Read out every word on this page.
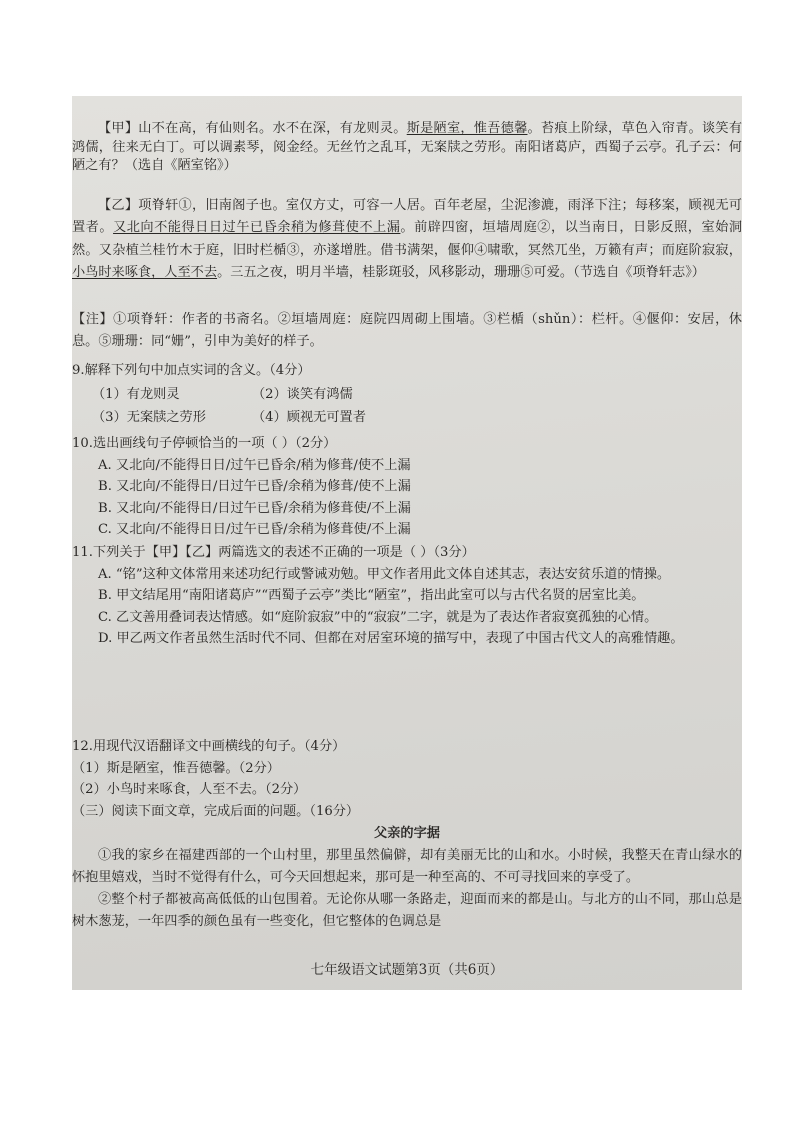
【甲】山不在高，有仙则名。水不在深，有龙则灵。斯是陋室，惟吾德馨。苔痕上阶绿，草色入帘青。谈笑有鸿儒，往来无白丁。可以调素琴，阅金经。无丝竹之乱耳，无案牍之劳形。南阳诸葛庐，西蜀子云亭。孔子云：何陋之有？（选自《陋室铭》）

【乙】项脊轩①，旧南阁子也。室仅方丈，可容一人居。百年老屋，尘泥渗漉，雨泽下注；每移案，顾视无可置者。又北向不能得日日过午已昏余稍为修葺使不上漏。前辟四窗，垣墙周庭②，以当南日，日影反照，室始洞然。又杂植兰桂竹木于庭，旧时栏楯③，亦遂增胜。借书满架，偃仰④啸歌，冥然兀坐，万籁有声；而庭阶寂寂，小鸟时来啄食，人至不去。三五之夜，明月半墙，桂影斑驳，风移影动，珊珊⑤可爱。（节选自《项脊轩志》）

【注】①项脊轩：作者的书斋名。②垣墙周庭：庭院四周砌上围墙。③栏楯（shǔn）：栏杆。④偃仰：安居，休息。⑤珊珊：同“姗”，引申为美好的样子。

9.解释下列句中加点实词的含义。（4分）

（1）有龙则灵	（2）谈笑有鸿儒
（3）无案牍之劳形	（4）顾视无可置者

10.选出画线句子停顿恰当的一项（ ）（2分）

A. 又北向/不能得日日/过午已昏余/稍为修葺/使不上漏

B. 又北向/不能得日/日过午已昏/余稍为修葺/使不上漏

B. 又北向/不能得日/日过午已昏/余稍为修葺使/不上漏

C. 又北向/不能得日日/过午已昏/余稍为修葺使/不上漏

11.下列关于【甲】【乙】两篇选文的表述不正确的一项是（ ）（3分）

A. “铭”这种文体常用来述功纪行或警诫劝勉。甲文作者用此文体自述其志，表达安贫乐道的情操。

B. 甲文结尾用“南阳诸葛庐”“西蜀子云亭”类比“陋室”，指出此室可以与古代名贤的居室比美。

C. 乙文善用叠词表达情感。如“庭阶寂寂”中的“寂寂”二字，就是为了表达作者寂寞孤独的心情。

D. 甲乙两文作者虽然生活时代不同、但都在对居室环境的描写中，表现了中国古代文人的高雅情趣。

12.用现代汉语翻译文中画横线的句子。（4分）

（1）斯是陋室，惟吾德馨。（2分）

（2）小鸟时来啄食，人至不去。（2分）

（三）阅读下面文章，完成后面的问题。（16分）

父亲的字据

①我的家乡在福建西部的一个山村里，那里虽然偏僻，却有美丽无比的山和水。小时候，我整天在青山绿水的怀抱里嬉戏，当时不觉得有什么，可今天回想起来，那可是一种至高的、不可寻找回来的享受了。

②整个村子都被高高低低的山包围着。无论你从哪一条路走，迎面而来的都是山。与北方的山不同，那山总是树木葱茏，一年四季的颜色虽有一些变化，但它整体的色调总是

七年级语文试题第3页（共6页）
